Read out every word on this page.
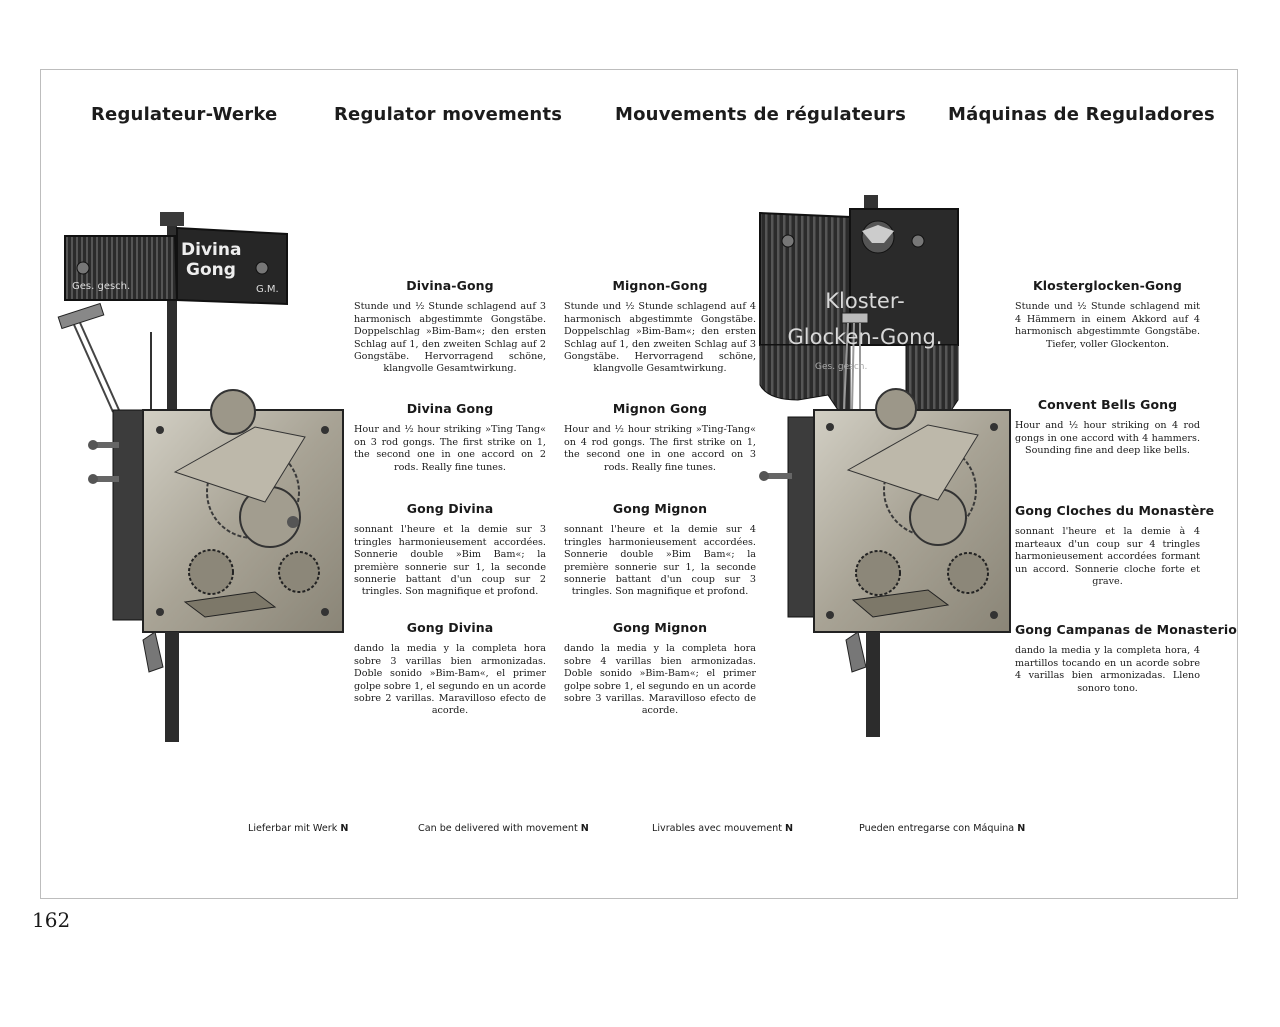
Regulateur-Werke	Regulator movements	Mouvements de régulateurs Máquinas de Reguladores
Divina
Gong
Ges. gesch.	G.M.	Kloster-
Glocken-Gong.
Ges. gesch.
Divina-Gong
Stunde und ½ Stunde schlagend auf 3 harmonisch abgestimmte Gongstäbe. Doppelschlag »Bim-Bam«; den ersten Schlag auf 1, den zweiten Schlag auf 2 Gongstäbe. Hervorragend schöne, klangvolle Gesamtwirkung.
Divina Gong
Hour and ½ hour striking »Ting Tang« on 3 rod gongs. The first strike on 1, the second one in one accord on 2 rods. Really fine tunes.
Gong Divina
sonnant l'heure et la demie sur 3 tringles harmonieusement accordées. Sonnerie double »Bim Bam«; la première sonnerie sur 1, la seconde sonnerie battant d'un coup sur 2 tringles. Son magnifique et profond.
Gong Divina
dando la media y la completa hora sobre 3 varillas bien armonizadas. Doble sonido »Bim-Bam«, el primer golpe sobre 1, el segundo en un acorde sobre 2 varillas. Maravilloso efecto de acorde.
Mignon-Gong
Stunde und ½ Stunde schlagend auf 4 harmonisch abgestimmte Gongstäbe. Doppelschlag »Bim-Bam«; den ersten Schlag auf 1, den zweiten Schlag auf 3 Gongstäbe. Hervorragend schöne, klangvolle Gesamtwirkung.
Mignon Gong
Hour and ½ hour striking »Ting-Tang« on 4 rod gongs. The first strike on 1, the second one in one accord on 3 rods. Really fine tunes.
Gong Mignon
sonnant l'heure et la demie sur 4 tringles harmonieusement accordées. Sonnerie double »Bim Bam«; la première sonnerie sur 1, la seconde sonnerie battant d'un coup sur 3 tringles. Son magnifique et profond.
Gong Mignon
dando la media y la completa hora sobre 4 varillas bien armonizadas. Doble sonido »Bim-Bam«; el primer golpe sobre 1, el segundo en un acorde sobre 3 varillas. Maravilloso efecto de acorde.
Klosterglocken-Gong
Stunde und ½ Stunde schlagend mit 4 Hämmern in einem Akkord auf 4 harmonisch abgestimmte Gongstäbe. Tiefer, voller Glockenton.
Convent Bells Gong
Hour and ½ hour striking on 4 rod gongs in one accord with 4 hammers. Sounding fine and deep like bells.
Gong Cloches du Monastère
sonnant l'heure et la demie à 4 marteaux d'un coup sur 4 tringles harmonieusement accordées formant un accord. Sonnerie cloche forte et grave.
Gong Campanas de Monasterio
dando la media y la completa hora, 4 martillos tocando en un acorde sobre 4 varillas bien armonizadas. Lleno sonoro tono.
Lieferbar mit Werk N	Can be delivered with movement N	Livrables avec mouvement N	Pueden entregarse con Máquina N
162
